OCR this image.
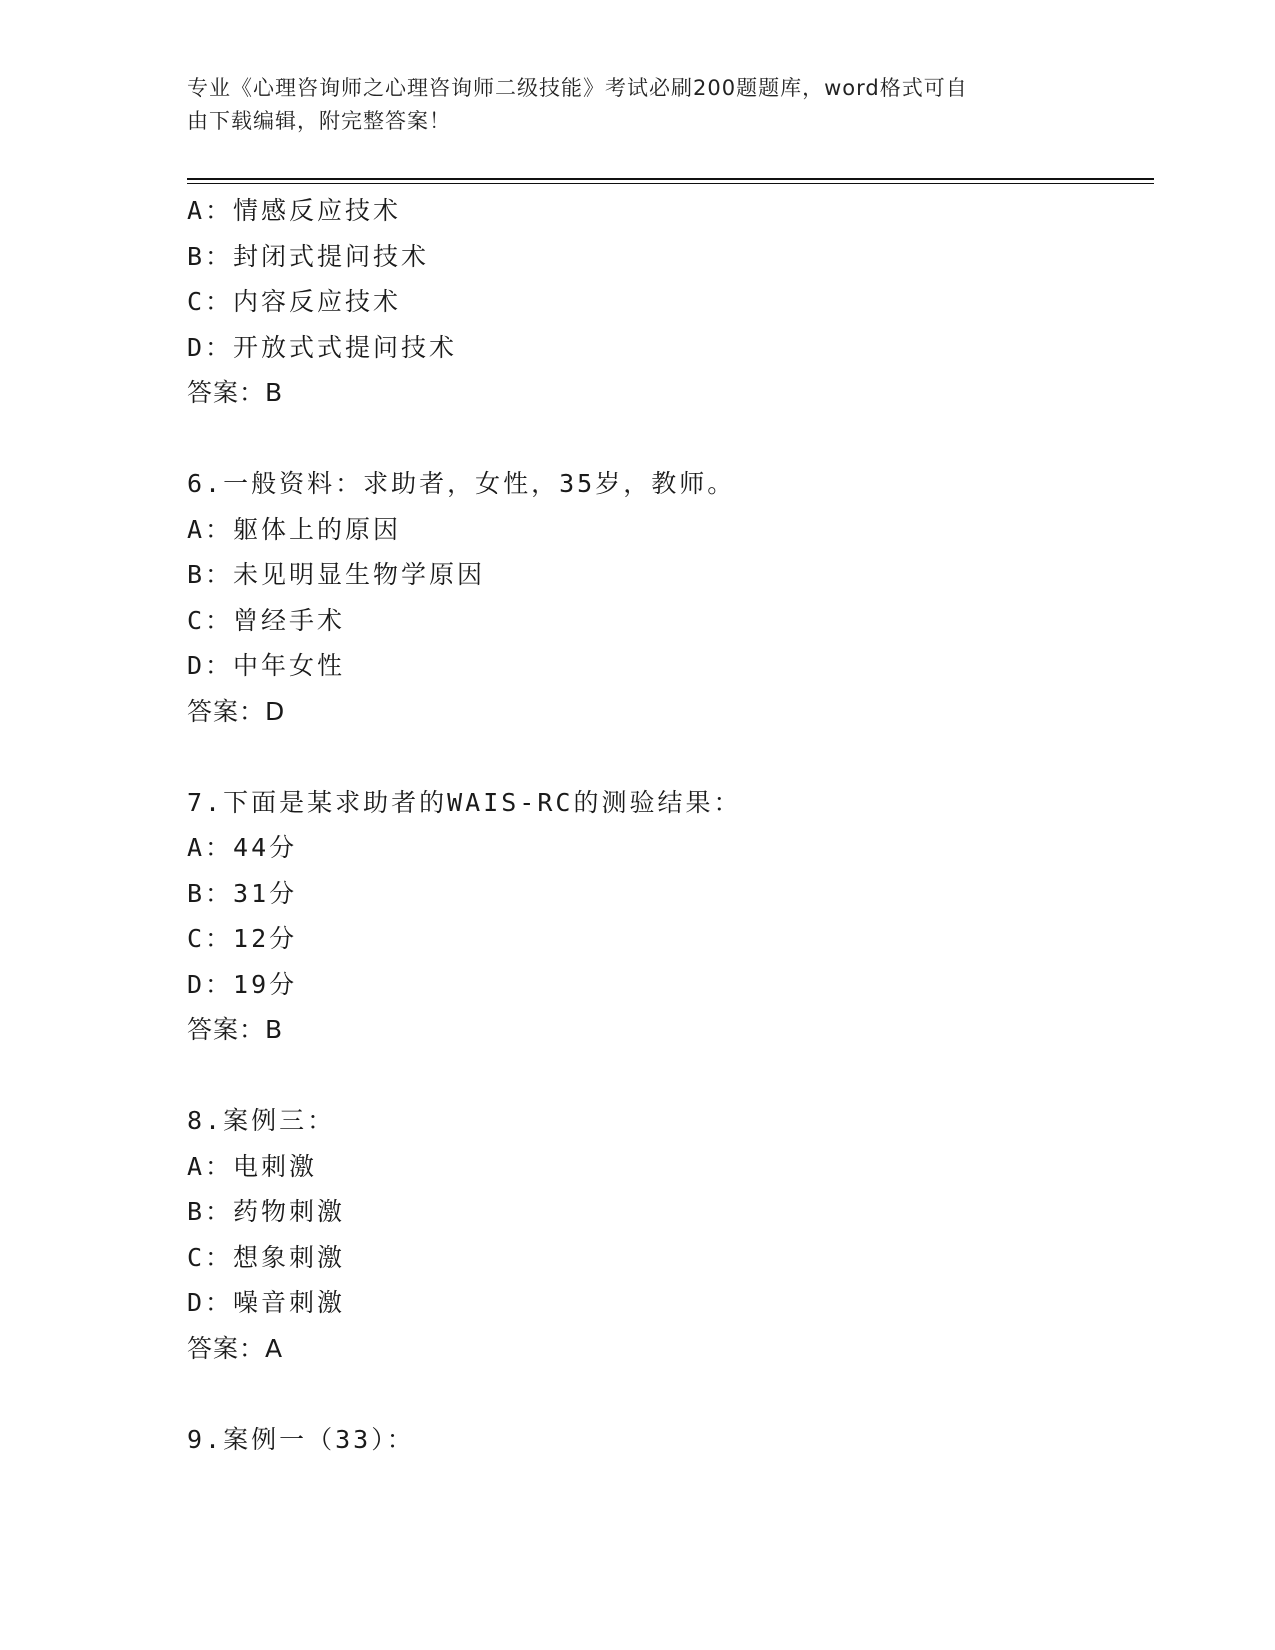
专业《心理咨询师之心理咨询师二级技能》考试必刷200题题库，word格式可自
由下载编辑，附完整答案！
A：情感反应技术
B：封闭式提问技术
C：内容反应技术
D：开放式式提问技术
答案：B
6.一般资料：求助者，女性，35岁，教师。
A：躯体上的原因
B：未见明显生物学原因
C：曾经手术
D：中年女性
答案：D
7.下面是某求助者的WAIS-RC的测验结果：
A：44分
B：31分
C：12分
D：19分
答案：B
8.案例三：
A：电刺激
B：药物刺激
C：想象刺激
D：噪音刺激
答案：A
9.案例一（33）：
